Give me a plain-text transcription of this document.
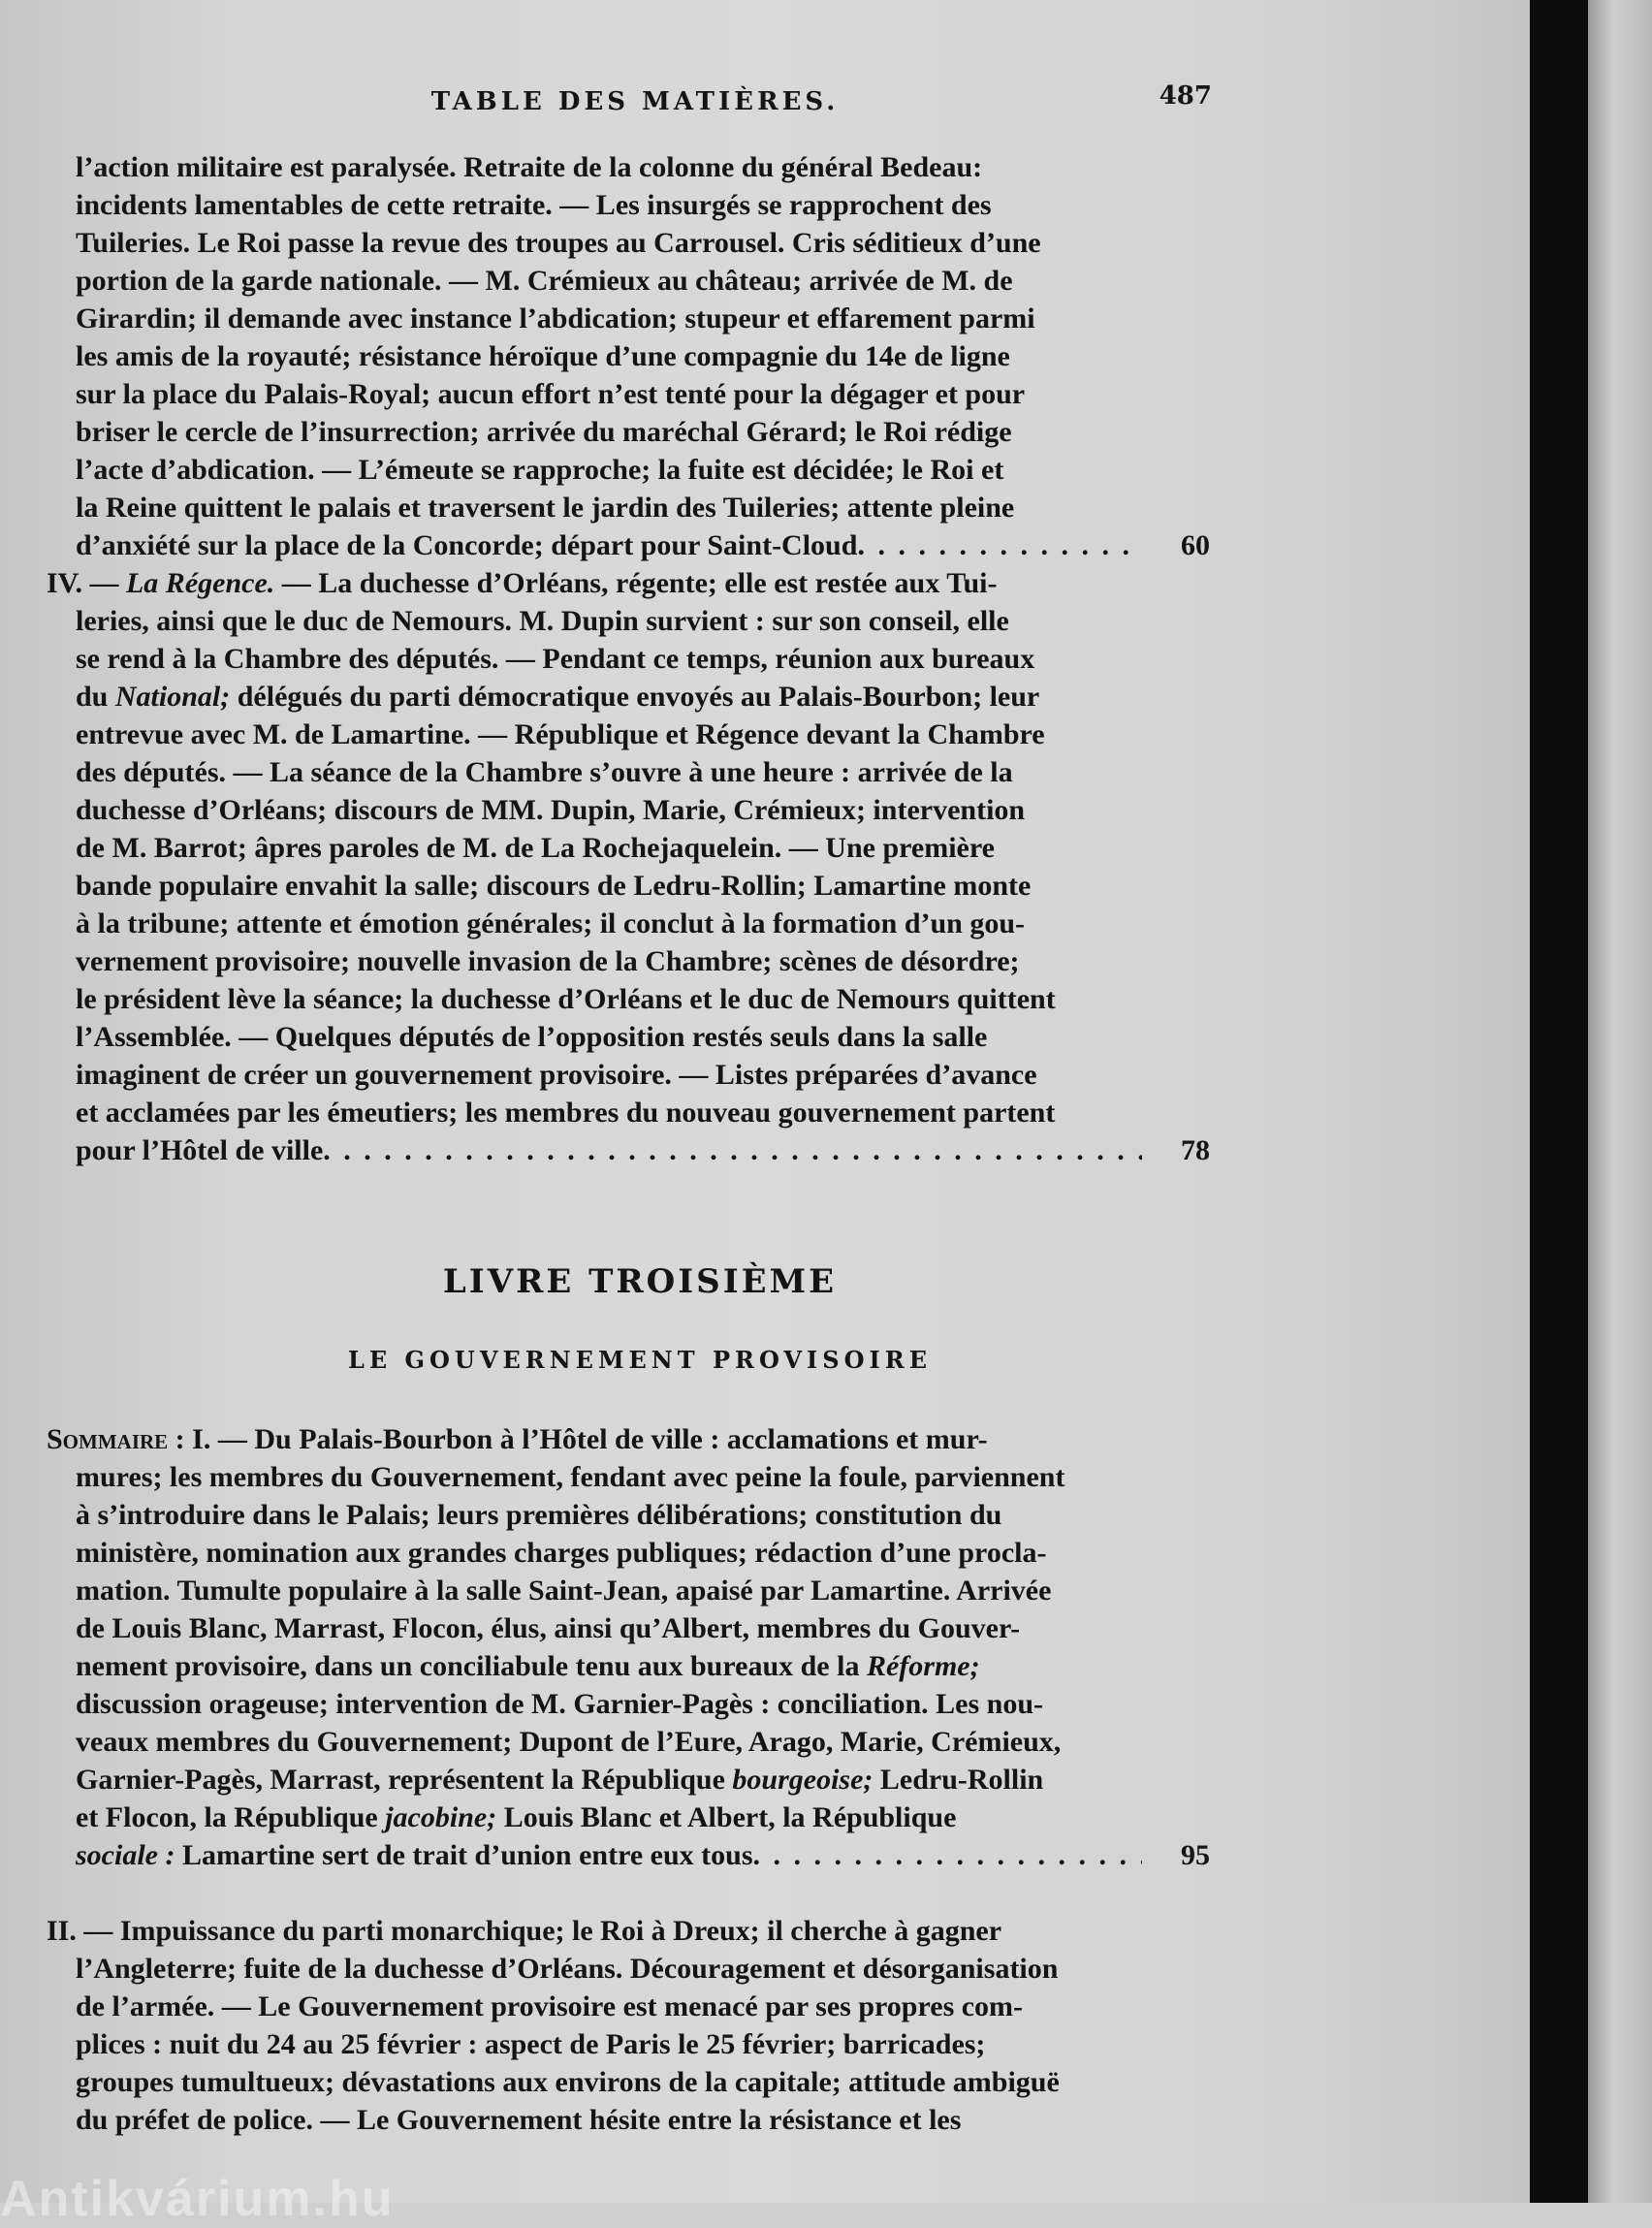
TABLE DES MATIÈRES.	487
l’action militaire est paralysée. Retraite de la colonne du général Bedeau:
incidents lamentables de cette retraite. — Les insurgés se rapprochent des
Tuileries. Le Roi passe la revue des troupes au Carrousel. Cris séditieux d’une
portion de la garde nationale. — M. Crémieux au château; arrivée de M. de
Girardin; il demande avec instance l’abdication; stupeur et effarement parmi
les amis de la royauté; résistance héroïque d’une compagnie du 14e de ligne
sur la place du Palais-Royal; aucun effort n’est tenté pour la dégager et pour
briser le cercle de l’insurrection; arrivée du maréchal Gérard; le Roi rédige
l’acte d’abdication. — L’émeute se rapproche; la fuite est décidée; le Roi et
la Reine quittent le palais et traversent le jardin des Tuileries; attente pleine
d’anxiété sur la place de la Concorde; départ pour Saint-Cloud . . .	60
IV. — La Régence. — La duchesse d’Orléans, régente; elle est restée aux Tui-
leries, ainsi que le duc de Nemours. M. Dupin survient : sur son conseil, elle
se rend à la Chambre des députés. — Pendant ce temps, réunion aux bureaux
du National; délégués du parti démocratique envoyés au Palais-Bourbon; leur
entrevue avec M. de Lamartine. — République et Régence devant la Chambre
des députés. — La séance de la Chambre s’ouvre à une heure : arrivée de la
duchesse d’Orléans; discours de MM. Dupin, Marie, Crémieux; intervention
de M. Barrot; âpres paroles de M. de La Rochejaquelein. — Une première
bande populaire envahit la salle; discours de Ledru-Rollin; Lamartine monte
à la tribune; attente et émotion générales; il conclut à la formation d’un gou-
vernement provisoire; nouvelle invasion de la Chambre; scènes de désordre;
le président lève la séance; la duchesse d’Orléans et le duc de Nemours quittent
l’Assemblée. — Quelques députés de l’opposition restés seuls dans la salle
imaginent de créer un gouvernement provisoire. — Listes préparées d’avance
et acclamées par les émeutiers; les membres du nouveau gouvernement partent
pour l’Hôtel de ville . . .	78
LIVRE TROISIÈME
LE GOUVERNEMENT PROVISOIRE
Sommaire : I. — Du Palais-Bourbon à l’Hôtel de ville : acclamations et mur-
mures; les membres du Gouvernement, fendant avec peine la foule, parviennent
à s’introduire dans le Palais; leurs premières délibérations; constitution du
ministère, nomination aux grandes charges publiques; rédaction d’une procla-
mation. Tumulte populaire à la salle Saint-Jean, apaisé par Lamartine. Arrivée
de Louis Blanc, Marrast, Flocon, élus, ainsi qu’Albert, membres du Gouver-
nement provisoire, dans un conciliabule tenu aux bureaux de la Réforme;
discussion orageuse; intervention de M. Garnier-Pagès : conciliation. Les nou-
veaux membres du Gouvernement; Dupont de l’Eure, Arago, Marie, Crémieux,
Garnier-Pagès, Marrast, représentent la République bourgeoise; Ledru-Rollin
et Flocon, la République jacobine; Louis Blanc et Albert, la République
sociale : Lamartine sert de trait d’union entre eux tous . . .	95
II. — Impuissance du parti monarchique; le Roi à Dreux; il cherche à gagner
l’Angleterre; fuite de la duchesse d’Orléans. Découragement et désorganisation
de l’armée. — Le Gouvernement provisoire est menacé par ses propres com-
plices : nuit du 24 au 25 février : aspect de Paris le 25 février; barricades;
groupes tumultueux; dévastations aux environs de la capitale; attitude ambiguë
du préfet de police. — Le Gouvernement hésite entre la résistance et les
Antikvárium.hu
